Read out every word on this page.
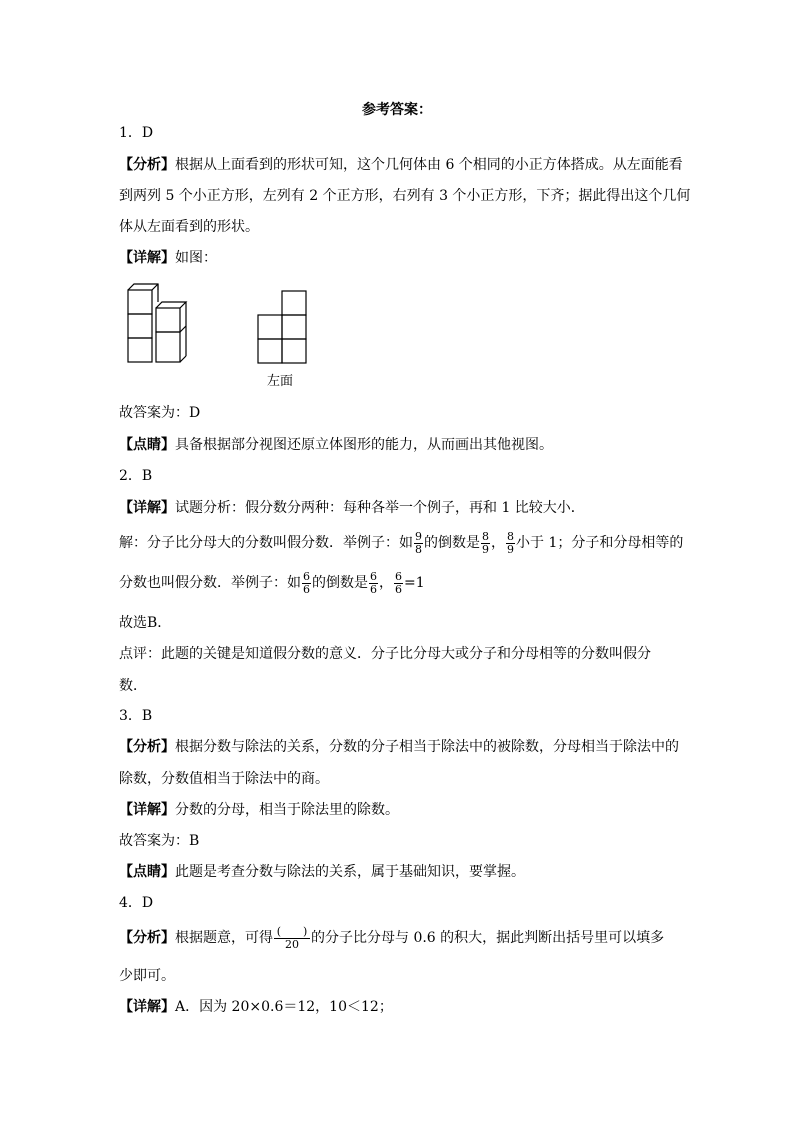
参考答案：
1．D
【分析】根据从上面看到的形状可知，这个几何体由 6 个相同的小正方体搭成。从左面能看
到两列 5 个小正方形，左列有 2 个正方形，右列有 3 个小正方形，下齐；据此得出这个几何
体从左面看到的形状。
【详解】如图：
左面
故答案为：D
【点睛】具备根据部分视图还原立体图形的能力，从而画出其他视图。
2．B
【详解】试题分析：假分数分两种：每种各举一个例子，再和 1 比较大小．
解：分子比分母大的分数叫假分数．举例子：如 $\frac{9}{8}$ 的倒数是 $\frac{8}{9}$ ， $\frac{8}{9}$ 小于 1；分子和分母相等的
分数也叫假分数．举例子：如 $\frac{6}{6}$ 的倒数是 $\frac{6}{6}$ ， $\frac{6}{6} =1$
故选B．
点评：此题的关键是知道假分数的意义．分子比分母大或分子和分母相等的分数叫假分
数．
3．B
【分析】根据分数与除法的关系，分数的分子相当于除法中的被除数，分母相当于除法中的
除数，分数值相当于除法中的商。
【详解】分数的分母，相当于除法里的除数。
故答案为：B
【点睛】此题是考查分数与除法的关系，属于基础知识，要掌握。
4．D
【分析】根据题意，可得 $\frac{( )}{20}$ 的分子比分母与 0.6 的积大，据此判断出括号里可以填多
少即可。
【详解】A．因为 20×0.6＝12，10＜12；
